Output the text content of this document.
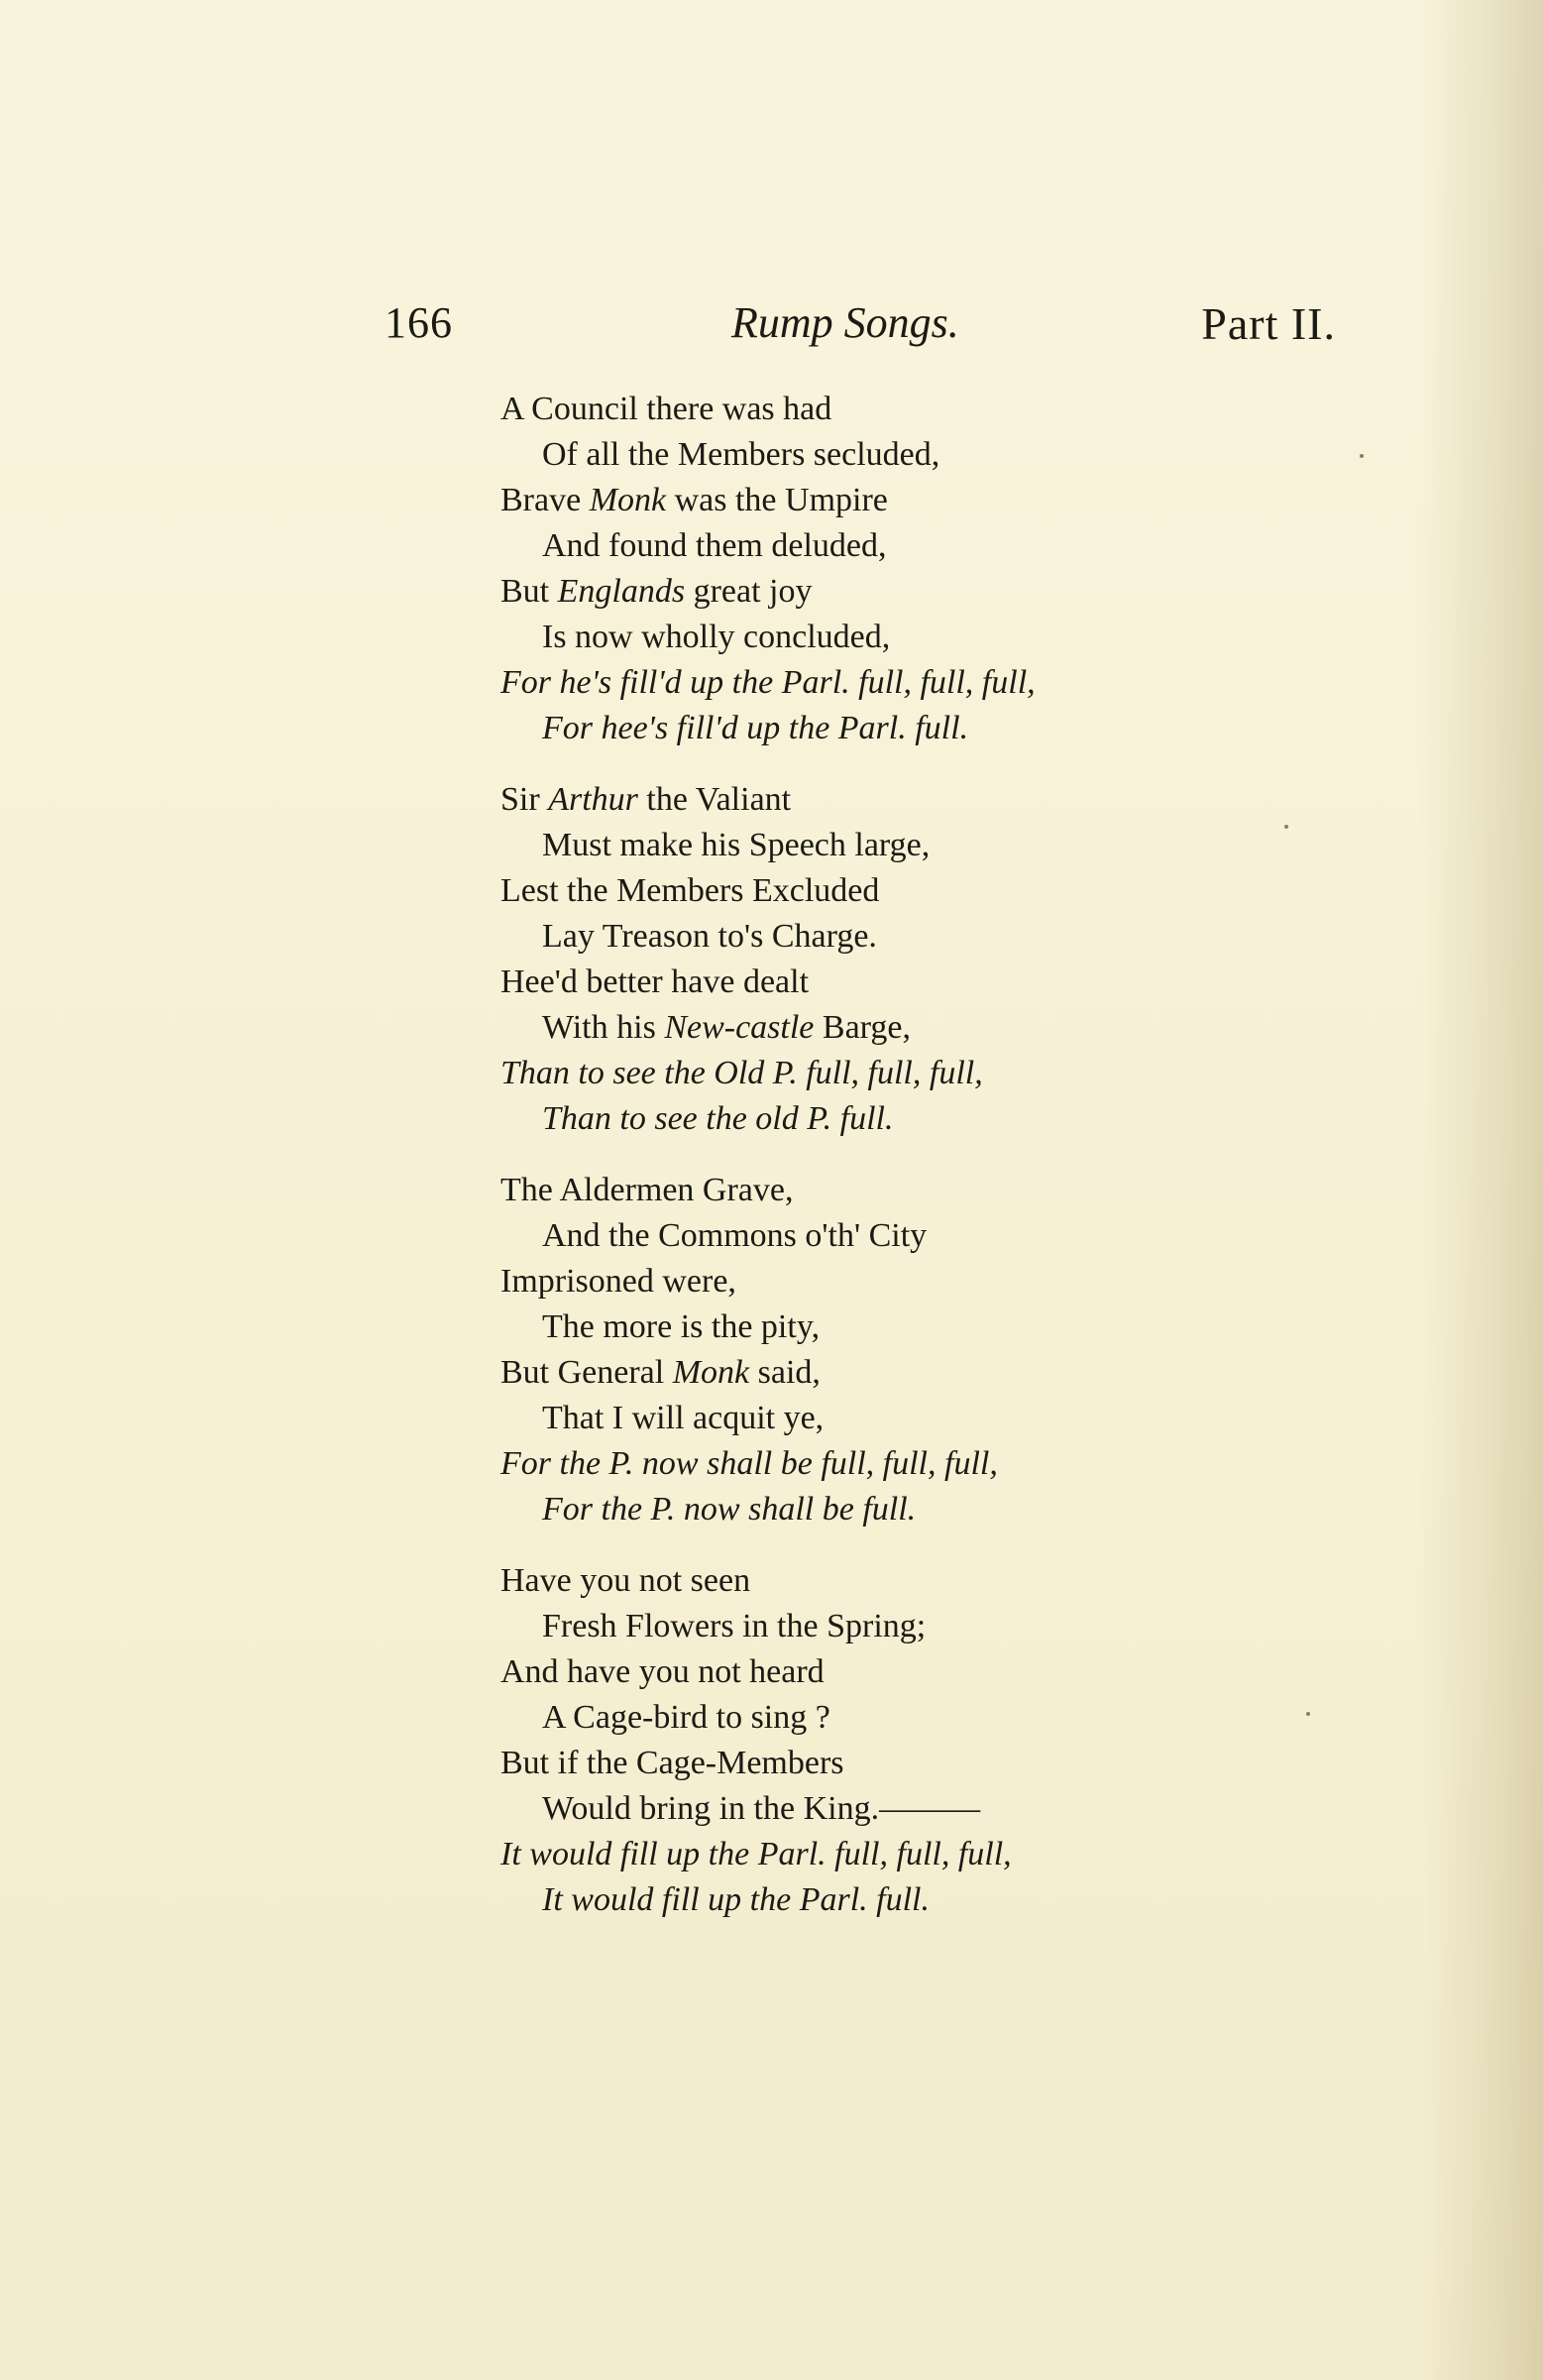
166	Rump Songs.	Part II.
A Council there was had
Of all the Members secluded,
Brave Monk was the Umpire
And found them deluded,
But Englands great joy
Is now wholly concluded,
For he's fill'd up the Parl. full, full, full,
For hee's fill'd up the Parl. full.
Sir Arthur the Valiant
Must make his Speech large,
Lest the Members Excluded
Lay Treason to's Charge.
Hee'd better have dealt
With his New-castle Barge,
Than to see the Old P. full, full, full,
Than to see the old P. full.
The Aldermen Grave,
And the Commons o'th' City
Imprisoned were,
The more is the pity,
But General Monk said,
That I will acquit ye,
For the P. now shall be full, full, full,
For the P. now shall be full.
Have you not seen
Fresh Flowers in the Spring;
And have you not heard
A Cage-bird to sing ?
But if the Cage-Members
Would bring in the King.———
It would fill up the Parl. full, full, full,
It would fill up the Parl. full.
